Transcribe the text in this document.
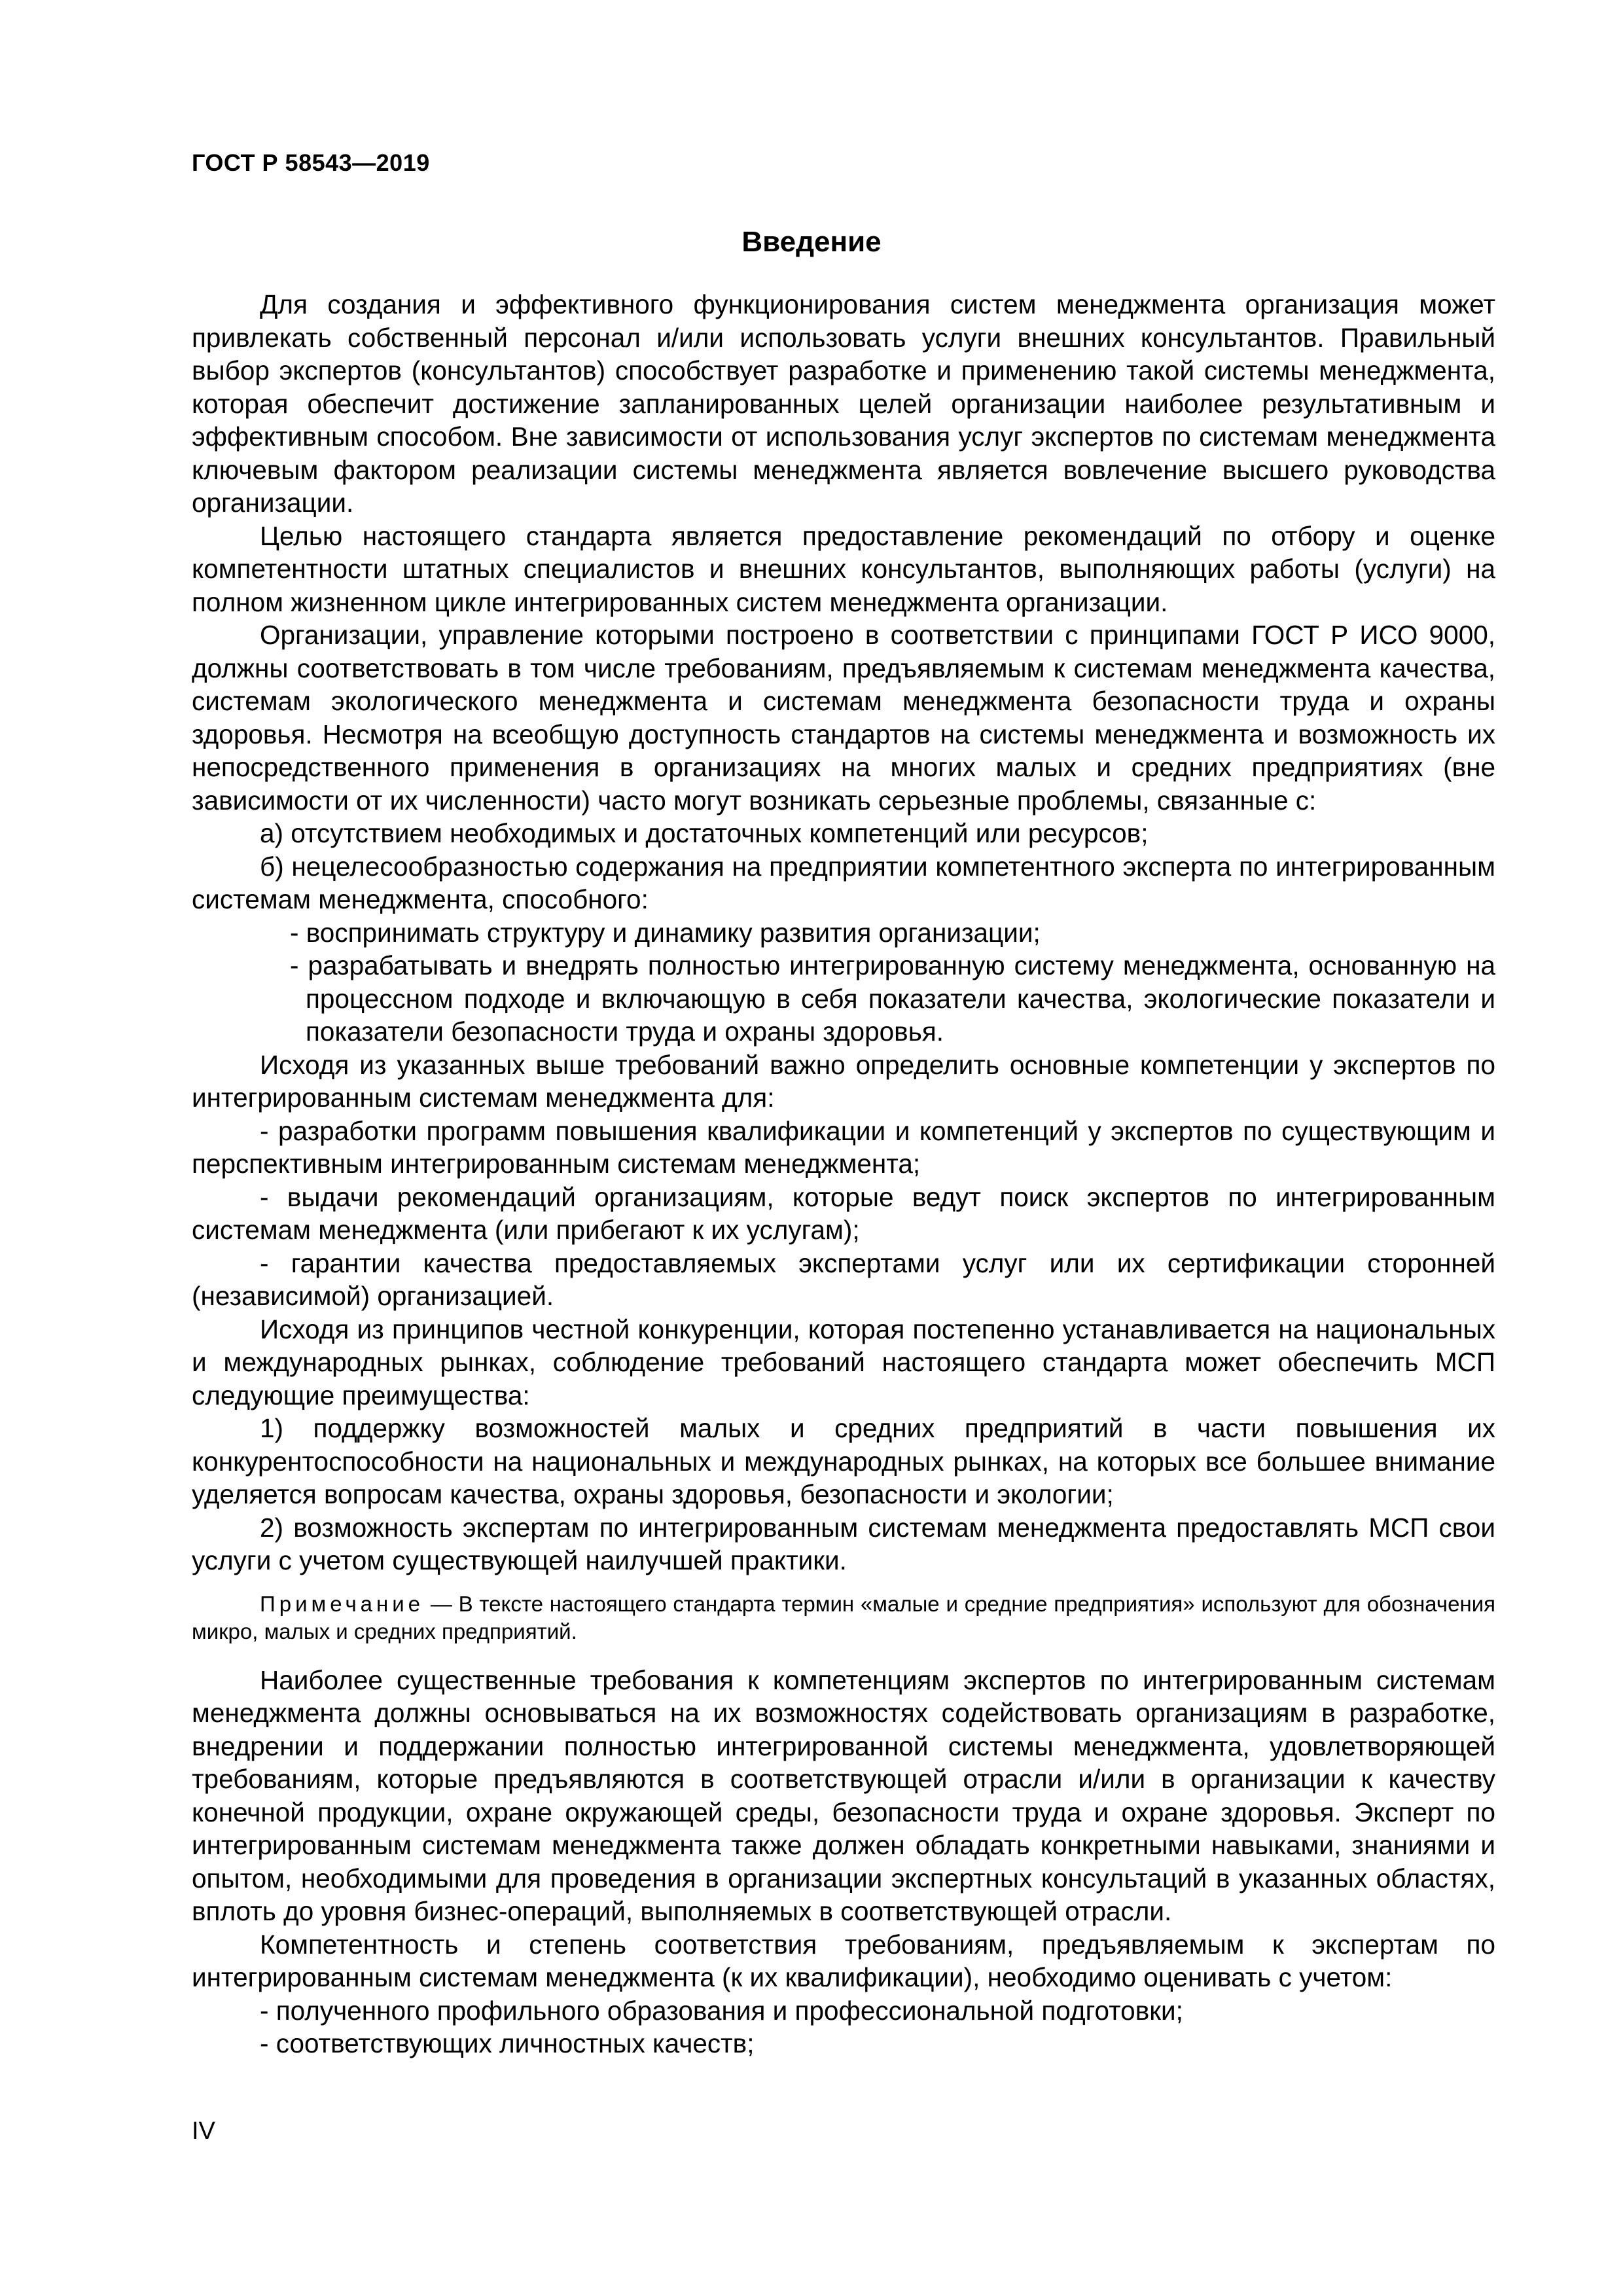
ГОСТ Р 58543—2019
Введение

Для создания и эффективного функционирования систем менеджмента организация может привлекать собственный персонал и/или использовать услуги внешних консультантов. Правильный выбор экспертов (консультантов) способствует разработке и применению такой системы менеджмента, которая обеспечит достижение запланированных целей организации наиболее результативным и эффективным способом. Вне зависимости от использования услуг экспертов по системам менеджмента ключевым фактором реализации системы менеджмента является вовлечение высшего руководства организации.

Целью настоящего стандарта является предоставление рекомендаций по отбору и оценке компетентности штатных специалистов и внешних консультантов, выполняющих работы (услуги) на полном жизненном цикле интегрированных систем менеджмента организации.

Организации, управление которыми построено в соответствии с принципами ГОСТ Р ИСО 9000, должны соответствовать в том числе требованиям, предъявляемым к системам менеджмента качества, системам экологического менеджмента и системам менеджмента безопасности труда и охраны здоровья. Несмотря на всеобщую доступность стандартов на системы менеджмента и возможность их непосредственного применения в организациях на многих малых и средних предприятиях (вне зависимости от их численности) часто могут возникать серьезные проблемы, связанные с:

а) отсутствием необходимых и достаточных компетенций или ресурсов;

б) нецелесообразностью содержания на предприятии компетентного эксперта по интегрированным системам менеджмента, способного:

- воспринимать структуру и динамику развития организации;

- разрабатывать и внедрять полностью интегрированную систему менеджмента, основанную на процессном подходе и включающую в себя показатели качества, экологические показатели и показатели безопасности труда и охраны здоровья.

Исходя из указанных выше требований важно определить основные компетенции у экспертов по интегрированным системам менеджмента для:

- разработки программ повышения квалификации и компетенций у экспертов по существующим и перспективным интегрированным системам менеджмента;

- выдачи рекомендаций организациям, которые ведут поиск экспертов по интегрированным системам менеджмента (или прибегают к их услугам);

- гарантии качества предоставляемых экспертами услуг или их сертификации сторонней (независимой) организацией.

Исходя из принципов честной конкуренции, которая постепенно устанавливается на национальных и международных рынках, соблюдение требований настоящего стандарта может обеспечить МСП следующие преимущества:

1) поддержку возможностей малых и средних предприятий в части повышения их конкурентоспособности на национальных и международных рынках, на которых все большее внимание уделяется вопросам качества, охраны здоровья, безопасности и экологии;

2) возможность экспертам по интегрированным системам менеджмента предоставлять МСП свои услуги с учетом существующей наилучшей практики.

Примечание — В тексте настоящего стандарта термин «малые и средние предприятия» используют для обозначения микро, малых и средних предприятий.

Наиболее существенные требования к компетенциям экспертов по интегрированным системам менеджмента должны основываться на их возможностях содействовать организациям в разработке, внедрении и поддержании полностью интегрированной системы менеджмента, удовлетворяющей требованиям, которые предъявляются в соответствующей отрасли и/или в организации к качеству конечной продукции, охране окружающей среды, безопасности труда и охране здоровья. Эксперт по интегрированным системам менеджмента также должен обладать конкретными навыками, знаниями и опытом, необходимыми для проведения в организации экспертных консультаций в указанных областях, вплоть до уровня бизнес-операций, выполняемых в соответствующей отрасли.

Компетентность и степень соответствия требованиям, предъявляемым к экспертам по интегрированным системам менеджмента (к их квалификации), необходимо оценивать с учетом:

- полученного профильного образования и профессиональной подготовки;

- соответствующих личностных качеств;

IV
